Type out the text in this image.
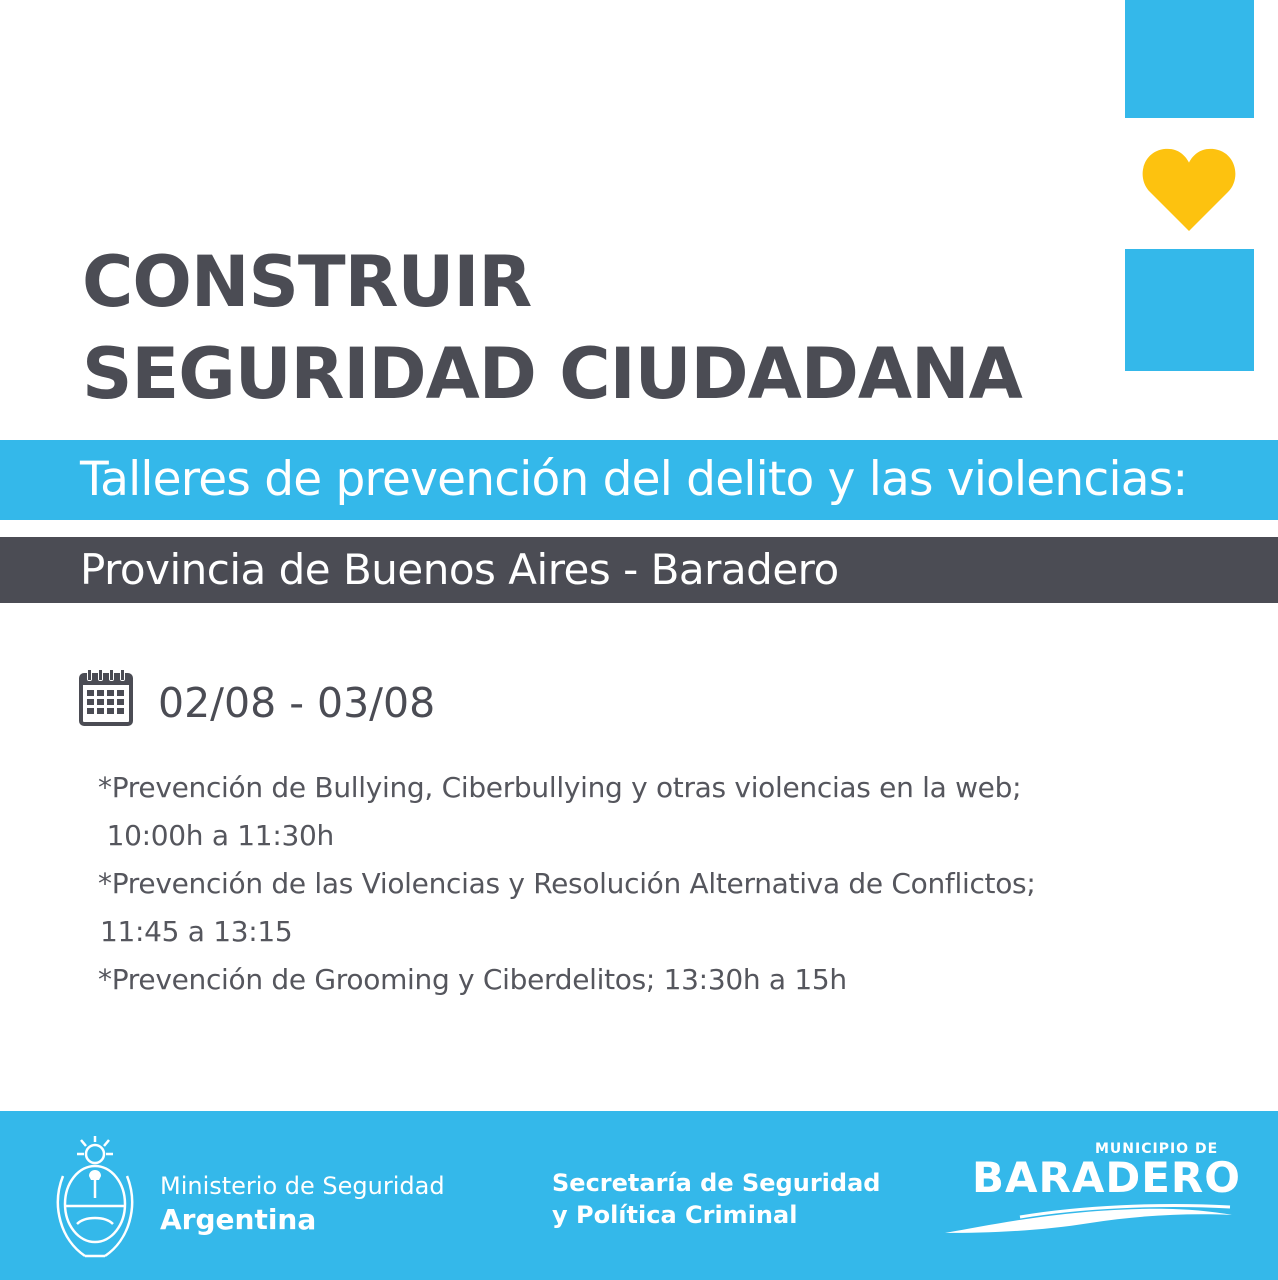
CONSTRUIR
SEGURIDAD CIUDADANA
Talleres de prevención del delito y las violencias:
Provincia de Buenos Aires - Baradero
02/08 - 03/08
*Prevención de Bullying, Ciberbullying y otras violencias en la web;
10:00h a 11:30h
*Prevención de las Violencias y Resolución Alternativa de Conflictos;
11:45 a 13:15
*Prevención de Grooming y Ciberdelitos; 13:30h a 15h
Ministerio de Seguridad
Argentina
Secretaría de Seguridad
y Política Criminal
MUNICIPIO DE
BARADERO
